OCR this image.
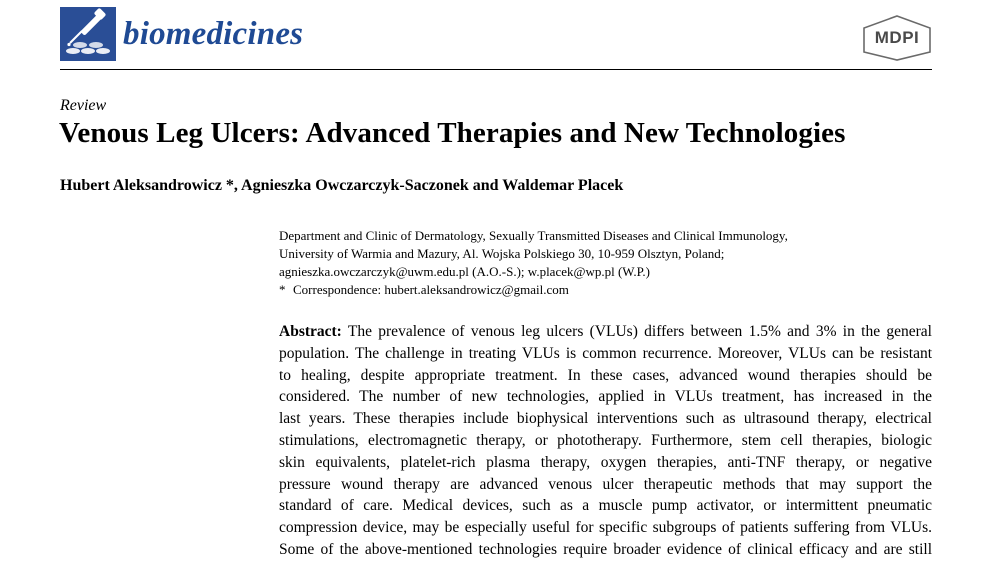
biomedicines	MDPI
Review
Venous Leg Ulcers: Advanced Therapies and New Technologies
Hubert Aleksandrowicz *, Agnieszka Owczarczyk-Saczonek and Waldemar Placek
Department and Clinic of Dermatology, Sexually Transmitted Diseases and Clinical Immunology,
University of Warmia and Mazury, Al. Wojska Polskiego 30, 10-959 Olsztyn, Poland;
agnieszka.owczarczyk@uwm.edu.pl (A.O.-S.); w.placek@wp.pl (W.P.)
* Correspondence: hubert.aleksandrowicz@gmail.com
Abstract: The prevalence of venous leg ulcers (VLUs) differs between 1.5% and 3% in the general
population. The challenge in treating VLUs is common recurrence. Moreover, VLUs can be resistant
to healing, despite appropriate treatment. In these cases, advanced wound therapies should be
considered. The number of new technologies, applied in VLUs treatment, has increased in the
last years. These therapies include biophysical interventions such as ultrasound therapy, electrical
stimulations, electromagnetic therapy, or phototherapy. Furthermore, stem cell therapies, biologic
skin equivalents, platelet-rich plasma therapy, oxygen therapies, anti-TNF therapy, or negative
pressure wound therapy are advanced venous ulcer therapeutic methods that may support the
standard of care. Medical devices, such as a muscle pump activator, or intermittent pneumatic
compression device, may be especially useful for specific subgroups of patients suffering from VLUs.
Some of the above-mentioned technologies require broader evidence of clinical efficacy and are still
